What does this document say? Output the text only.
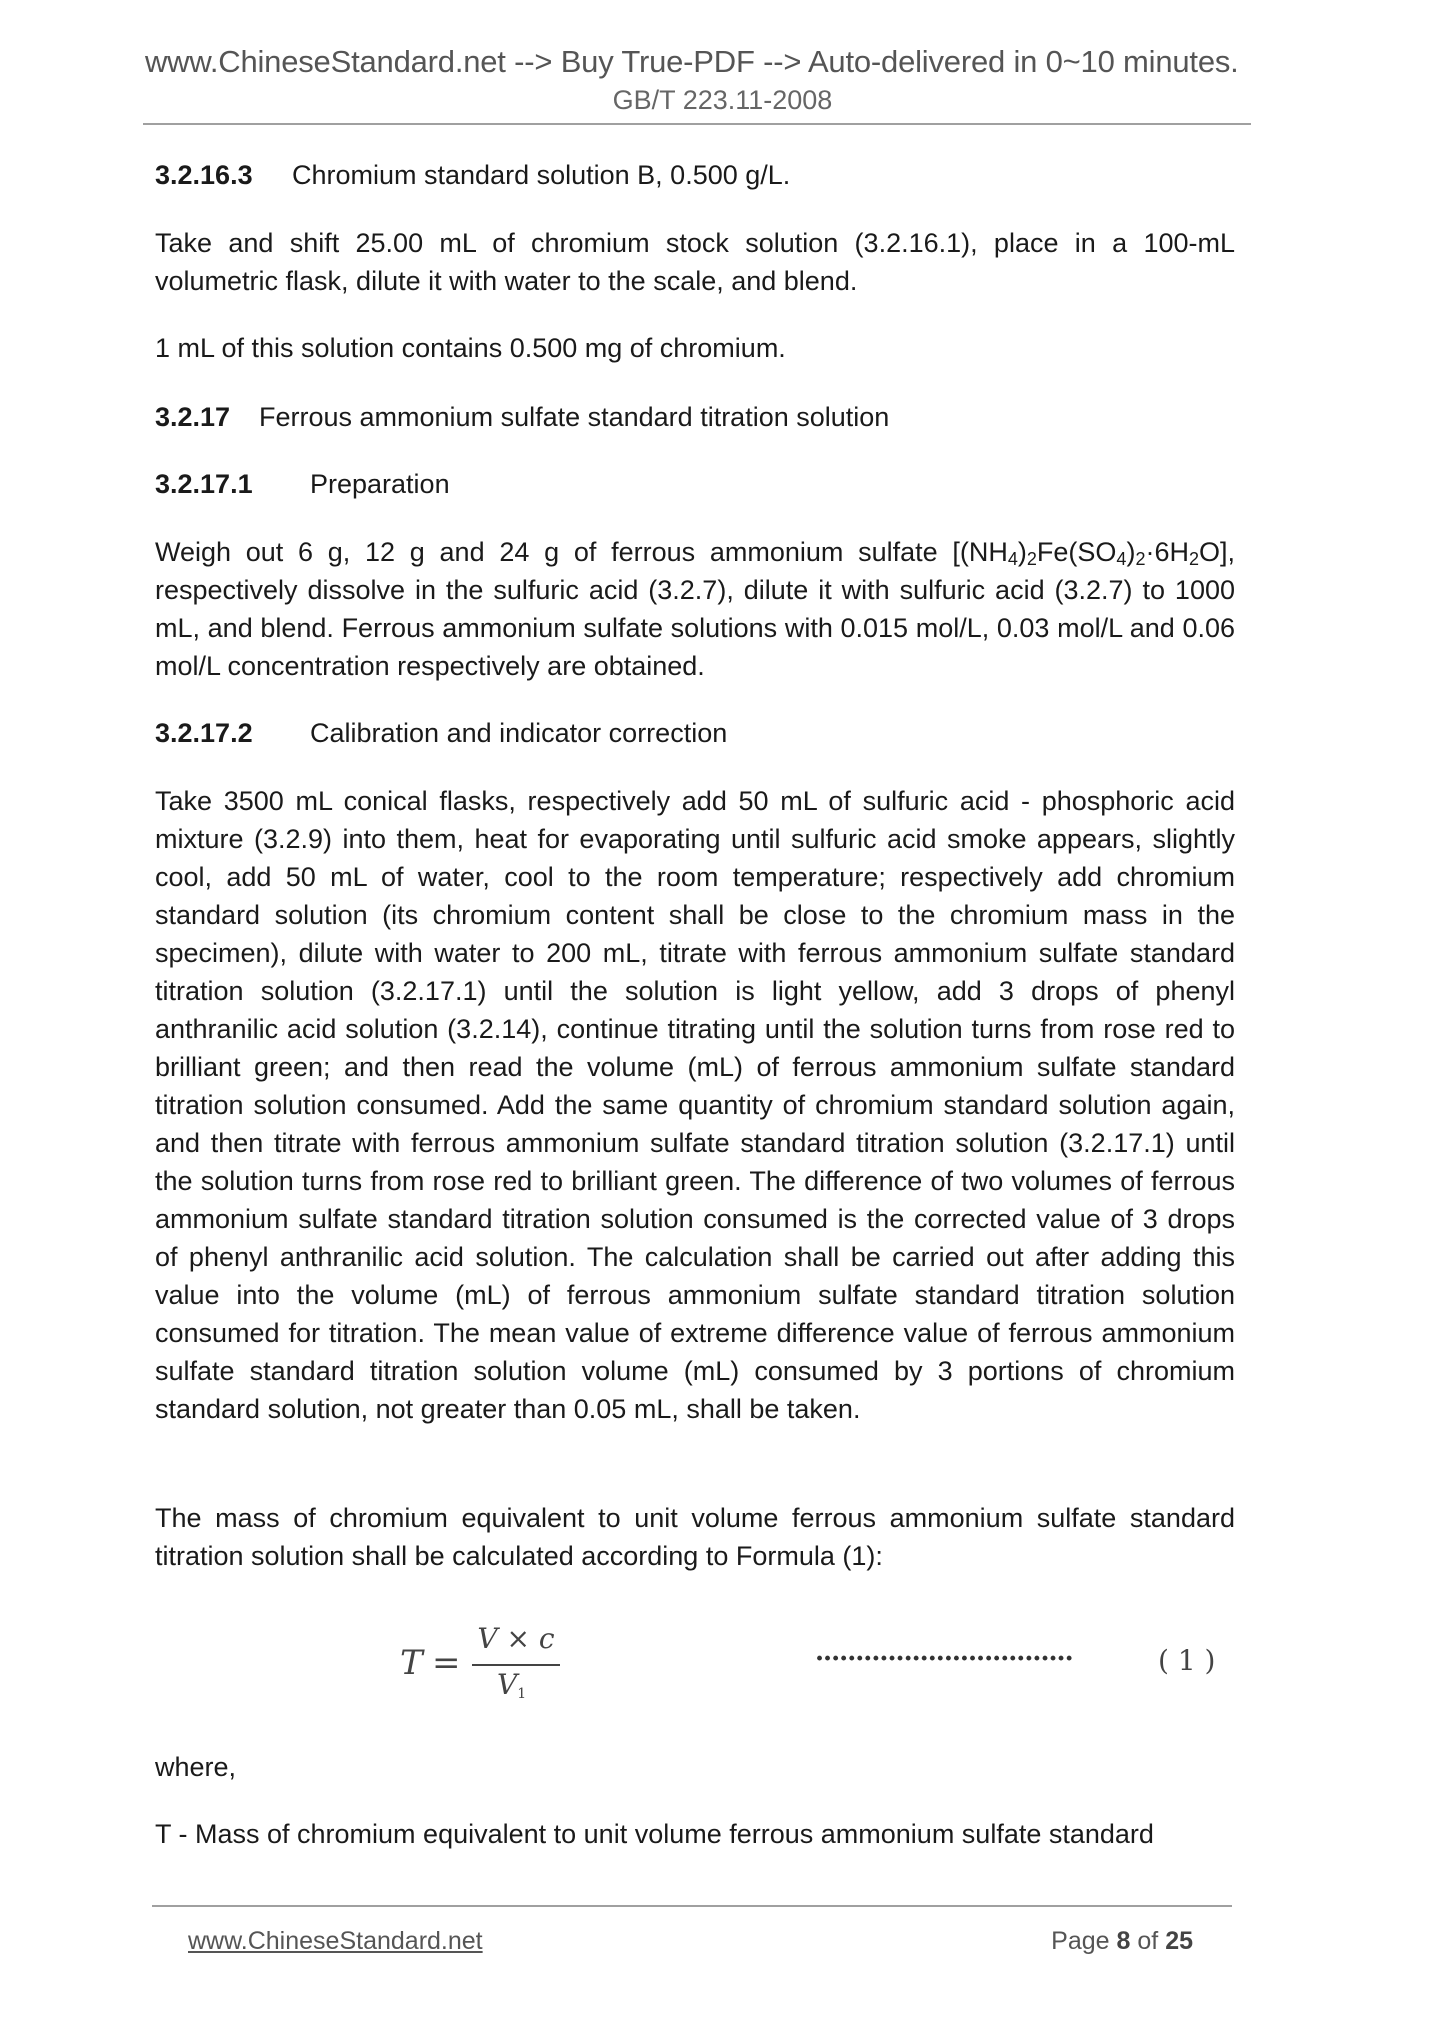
www.ChineseStandard.net --> Buy True-PDF --> Auto-delivered in 0~10 minutes.
GB/T 223.11-2008
3.2.16.3 Chromium standard solution B, 0.500 g/L.
Take and shift 25.00 mL of chromium stock solution (3.2.16.1), place in a 100-mL volumetric flask, dilute it with water to the scale, and blend.
1 mL of this solution contains 0.500 mg of chromium.
3.2.17 Ferrous ammonium sulfate standard titration solution
3.2.17.1 Preparation
Weigh out 6 g, 12 g and 24 g of ferrous ammonium sulfate $[(NH_4)_2Fe(SO_4)_2\cdot 6H_2O]$, respectively dissolve in the sulfuric acid (3.2.7), dilute it with sulfuric acid (3.2.7) to 1000 mL, and blend. Ferrous ammonium sulfate solutions with 0.015 mol/L, 0.03 mol/L and 0.06 mol/L concentration respectively are obtained.
3.2.17.2 Calibration and indicator correction
Take 3500 mL conical flasks, respectively add 50 mL of sulfuric acid - phosphoric acid mixture (3.2.9) into them, heat for evaporating until sulfuric acid smoke appears, slightly cool, add 50 mL of water, cool to the room temperature; respectively add chromium standard solution (its chromium content shall be close to the chromium mass in the specimen), dilute with water to 200 mL, titrate with ferrous ammonium sulfate standard titration solution (3.2.17.1) until the solution is light yellow, add 3 drops of phenyl anthranilic acid solution (3.2.14), continue titrating until the solution turns from rose red to brilliant green; and then read the volume (mL) of ferrous ammonium sulfate standard titration solution consumed. Add the same quantity of chromium standard solution again, and then titrate with ferrous ammonium sulfate standard titration solution (3.2.17.1) until the solution turns from rose red to brilliant green. The difference of two volumes of ferrous ammonium sulfate standard titration solution consumed is the corrected value of 3 drops of phenyl anthranilic acid solution. The calculation shall be carried out after adding this value into the volume (mL) of ferrous ammonium sulfate standard titration solution consumed for titration. The mean value of extreme difference value of ferrous ammonium sulfate standard titration solution volume (mL) consumed by 3 portions of chromium standard solution, not greater than 0.05 mL, shall be taken.
The mass of chromium equivalent to unit volume ferrous ammonium sulfate standard titration solution shall be calculated according to Formula (1):
T =
V × c
$V_1$
································	( 1 )
where,
T - Mass of chromium equivalent to unit volume ferrous ammonium sulfate standard
www.ChineseStandard.net	Page 8 of 25
